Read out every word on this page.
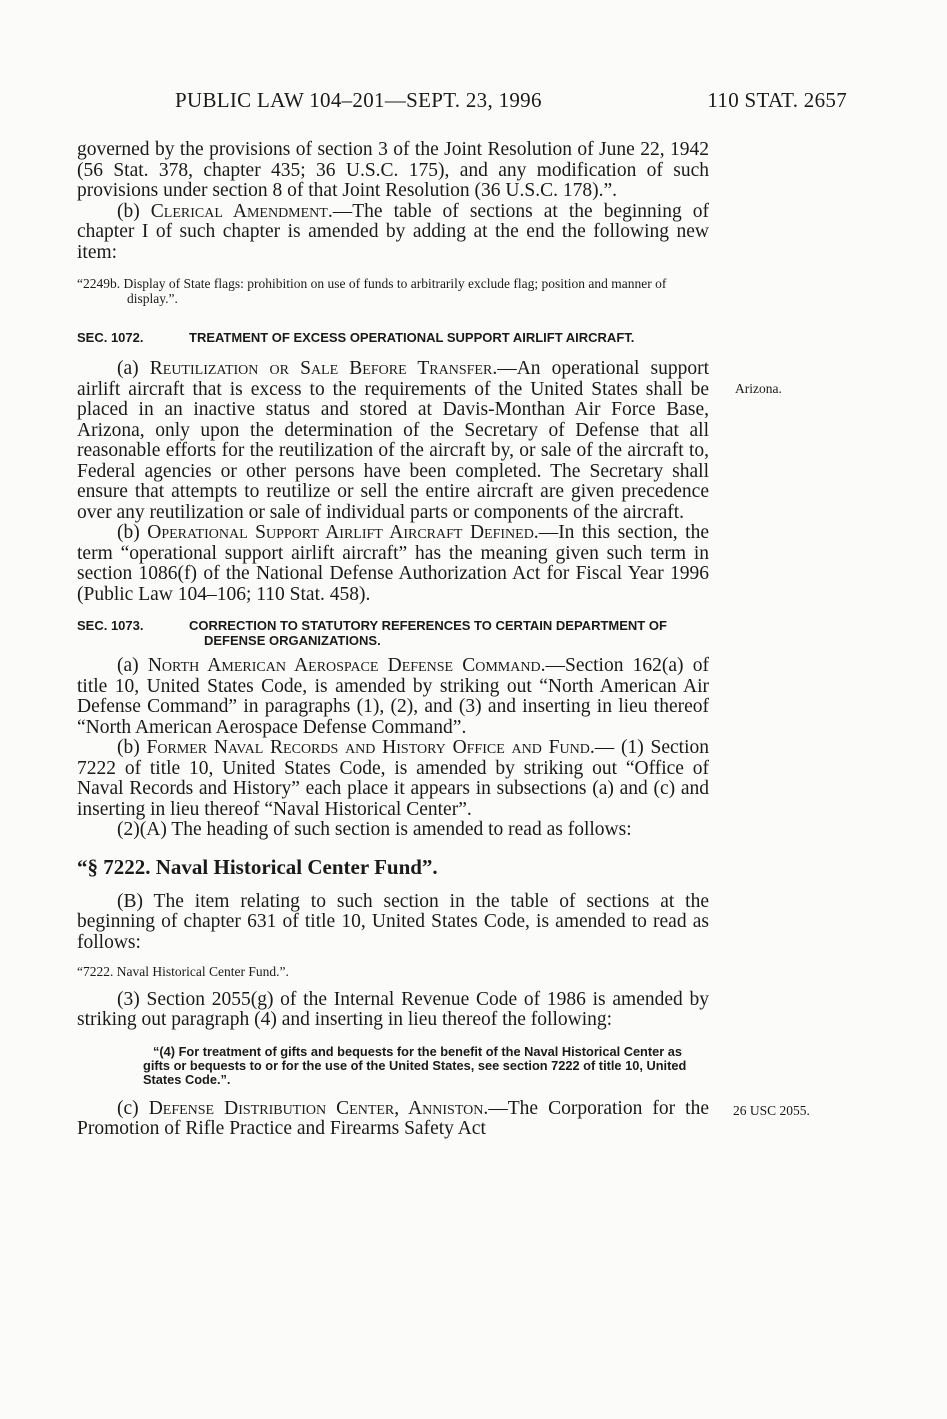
PUBLIC LAW 104–201—SEPT. 23, 1996	110 STAT. 2657
Arizona.
26 USC 2055.

governed by the provisions of section 3 of the Joint Resolution of June 22, 1942 (56 Stat. 378, chapter 435; 36 U.S.C. 175), and any modification of such provisions under section 8 of that Joint Resolution (36 U.S.C. 178).”.

(b) Clerical Amendment.—The table of sections at the beginning of chapter I of such chapter is amended by adding at the end the following new item:

“2249b. Display of State flags: prohibition on use of funds to arbitrarily exclude flag; position and manner of display.”.

SEC. 1072.	TREATMENT OF EXCESS OPERATIONAL SUPPORT AIRLIFT AIRCRAFT.

(a) Reutilization or Sale Before Transfer.—An operational support airlift aircraft that is excess to the requirements of the United States shall be placed in an inactive status and stored at Davis-Monthan Air Force Base, Arizona, only upon the determination of the Secretary of Defense that all reasonable efforts for the reutilization of the aircraft by, or sale of the aircraft to, Federal agencies or other persons have been completed. The Secretary shall ensure that attempts to reutilize or sell the entire aircraft are given precedence over any reutilization or sale of individual parts or components of the aircraft.

(b) Operational Support Airlift Aircraft Defined.—In this section, the term “operational support airlift aircraft” has the meaning given such term in section 1086(f) of the National Defense Authorization Act for Fiscal Year 1996 (Public Law 104–106; 110 Stat. 458).

SEC. 1073.	CORRECTION TO STATUTORY REFERENCES TO CERTAIN DEPARTMENT OF DEFENSE ORGANIZATIONS.

(a) North American Aerospace Defense Command.—Section 162(a) of title 10, United States Code, is amended by striking out “North American Air Defense Command” in paragraphs (1), (2), and (3) and inserting in lieu thereof “North American Aerospace Defense Command”.

(b) Former Naval Records and History Office and Fund.— (1) Section 7222 of title 10, United States Code, is amended by striking out “Office of Naval Records and History” each place it appears in subsections (a) and (c) and inserting in lieu thereof “Naval Historical Center”.

(2)(A) The heading of such section is amended to read as follows:

“§ 7222. Naval Historical Center Fund”.

(B) The item relating to such section in the table of sections at the beginning of chapter 631 of title 10, United States Code, is amended to read as follows:

“7222. Naval Historical Center Fund.”.

(3) Section 2055(g) of the Internal Revenue Code of 1986 is amended by striking out paragraph (4) and inserting in lieu thereof the following:

“(4) For treatment of gifts and bequests for the benefit of the Naval Historical Center as gifts or bequests to or for the use of the United States, see section 7222 of title 10, United States Code.”.

(c) Defense Distribution Center, Anniston.—The Corporation for the Promotion of Rifle Practice and Firearms Safety Act
